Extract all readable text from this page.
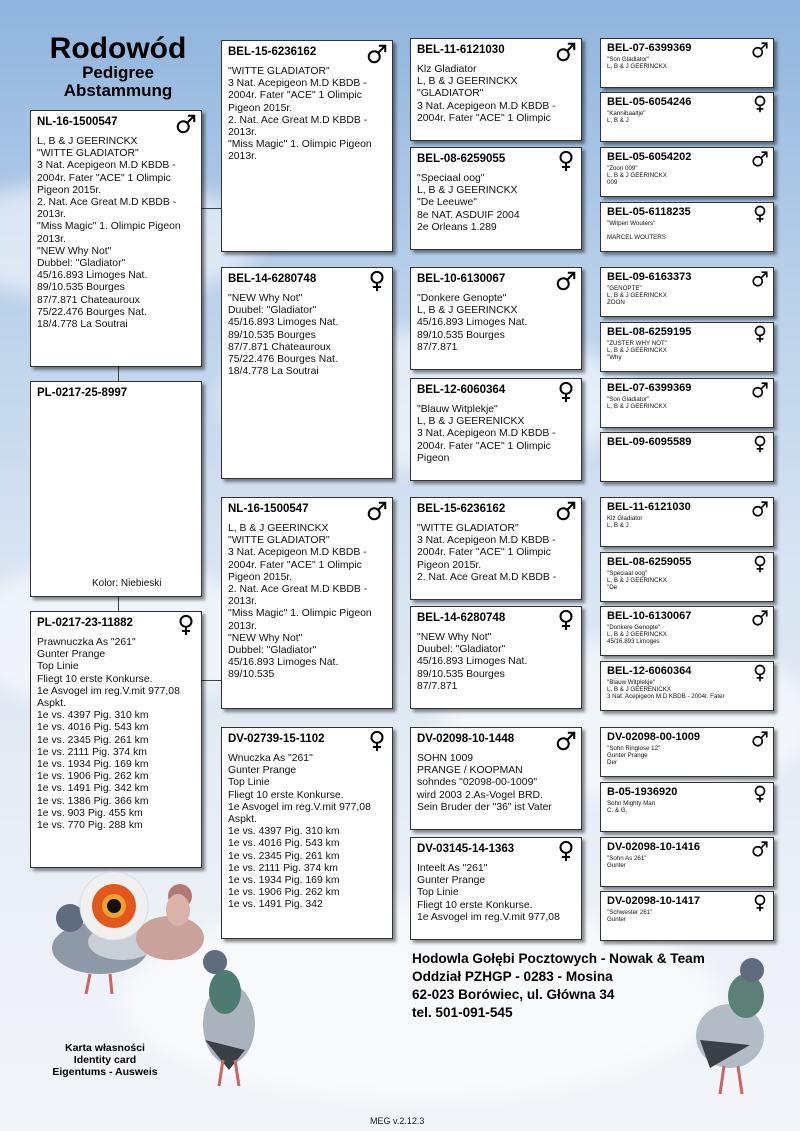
Rodowód
Pedigree
Abstammung
NL-16-1500547
L, B & J GEERINCKX
"WITTE GLADIATOR"
3 Nat. Acepigeon M.D KBDB -
2004r. Fater "ACE" 1 Olimpic
Pigeon 2015r.
2. Nat. Ace Great M.D KBDB -
2013r.
"Miss Magic" 1. Olimpic Pigeon
2013r.
"NEW Why Not"
Dubbel: "Gladiator"
45/16.893 Limoges Nat.
89/10.535 Bourges
87/7.871 Chateauroux
75/22.476 Bourges Nat.
18/4.778 La Soutrai
PL-0217-25-8997
Kolor: Niebieski
PL-0217-23-11882
Prawnuczka As "261"
Gunter Prange
Top Linie
Fliegt 10 erste Konkurse.
1e Asvogel im reg.V.mit 977,08
Aspkt.
1e vs. 4397 Pig. 310 km
1e vs. 4016 Pig. 543 km
1e vs. 2345 Pig. 261 km
1e vs. 2111 Pig. 374 km
1e vs. 1934 Pig. 169 km
1e vs. 1906 Pig. 262 km
1e vs. 1491 Pig. 342 km
1e vs. 1386 Pig. 366 km
1e vs. 903 Pig. 455 km
1e vs. 770 Pig. 288 km
BEL-15-6236162
"WITTE GLADIATOR"
3 Nat. Acepigeon M.D KBDB -
2004r. Fater "ACE" 1 Olimpic
Pigeon 2015r.
2. Nat. Ace Great M.D KBDB -
2013r.
"Miss Magic" 1. Olimpic Pigeon
2013r.
BEL-14-6280748
"NEW Why Not"
Duubel: "Gladiator"
45/16.893 Limoges Nat.
89/10.535 Bourges
87/7.871 Chateauroux
75/22.476 Bourges Nat.
18/4.778 La Soutrai
NL-16-1500547
L, B & J GEERINCKX
"WITTE GLADIATOR"
3 Nat. Acepigeon M.D KBDB -
2004r. Fater "ACE" 1 Olimpic
Pigeon 2015r.
2. Nat. Ace Great M.D KBDB -
2013r.
"Miss Magic" 1. Olimpic Pigeon
2013r.
"NEW Why Not"
Dubbel: "Gladiator"
45/16.893 Limoges Nat.
89/10.535
DV-02739-15-1102
Wnuczka As "261"
Gunter Prange
Top Linie
Fliegt 10 erste Konkurse.
1e Asvogel im reg.V.mit 977,08
Aspkt.
1e vs. 4397 Pig. 310 km
1e vs. 4016 Pig. 543 km
1e vs. 2345 Pig. 261 km
1e vs. 2111 Pig. 374 km
1e vs. 1934 Pig. 169 km
1e vs. 1906 Pig. 262 km
1e vs. 1491 Pig. 342
BEL-11-6121030
Klz Gladiator
L, B & J GEERINCKX
"GLADIATOR"
3 Nat. Acepigeon M.D KBDB -
2004r. Fater "ACE" 1 Olimpic
BEL-08-6259055
"Speciaal oog"
L, B & J GEERINCKX
"De Leeuwe"
8e NAT. ASDUIF 2004
2e Orleans 1.289
BEL-10-6130067
"Donkere Genopte"
L, B & J GEERINCKX
45/16.893 Limoges Nat.
89/10.535 Bourges
87/7.871
BEL-12-6060364
"Blauw Witplekje"
L, B & J GEERENICKX
3 Nat. Acepigeon M.D KBDB -
2004r. Fater "ACE" 1 Olimpic
Pigeon
BEL-15-6236162
"WITTE GLADIATOR"
3 Nat. Acepigeon M.D KBDB -
2004r. Fater "ACE" 1 Olimpic
Pigeon 2015r.
2. Nat. Ace Great M.D KBDB -
BEL-14-6280748
"NEW Why Not"
Duubel: "Gladiator"
45/16.893 Limoges Nat.
89/10.535 Bourges
87/7.871
DV-02098-10-1448
SOHN 1009
PRANGE / KOOPMAN
sohndes "02098-00-1009"
wird 2003 2.As-Vogel BRD.
Sein Bruder der "36" ist Vater
DV-03145-14-1363
Inteelt As "261"
Gunter Prange
Top Linie
Fliegt 10 erste Konkurse.
1e Asvogel im reg.V.mit 977,08
BEL-07-6399369
"Son Gladiator"
L, B & J GEERINCKX
BEL-05-6054246
"Kannibaaltje"
L, B & J
BEL-05-6054202
"Zoon 009"
L, B & J GEERINCKX
009
BEL-05-6118235
"Witpen Wouters"

MARCEL WOUTERS
BEL-09-6163373
"GENOPTE"
L, B & J GEERINCKX
ZOON
BEL-08-6259195
"ZUSTER WHY NOT"
L, B & J GEERINCKX
"Why
BEL-07-6399369
"Son Gladiator"
L, B & J GEERINCKX
BEL-09-6095589
BEL-11-6121030
Klz Gladiator
L, B & J
BEL-08-6259055
"Speciaal oog"
L, B & J GEERINCKX
"De
BEL-10-6130067
"Donkere Genopte"
L, B & J GEERINCKX
45/16.893 Limoges
BEL-12-6060364
"Blauw Witplekje"
L, B & J GEERENICKX
3 Nat. Acepigeon M.D KBDB - 2004r. Fater
DV-02098-00-1009
"Sohn Ringlose 12"
Gunter Prange
Der
B-05-1936920
Sohn Mighty Man
C. & G.
DV-02098-10-1416
"Sohn As 261"
Gunter
DV-02098-10-1417
"Schwester 261"
Gunter
Hodowla Gołębi Pocztowych - Nowak & Team
Oddział PZHGP - 0283 - Mosina
62-023 Borówiec, ul. Główna 34
tel. 501-091-545
Karta własności
Identity card
Eigentums - Ausweis
MEG v.2.12.3
